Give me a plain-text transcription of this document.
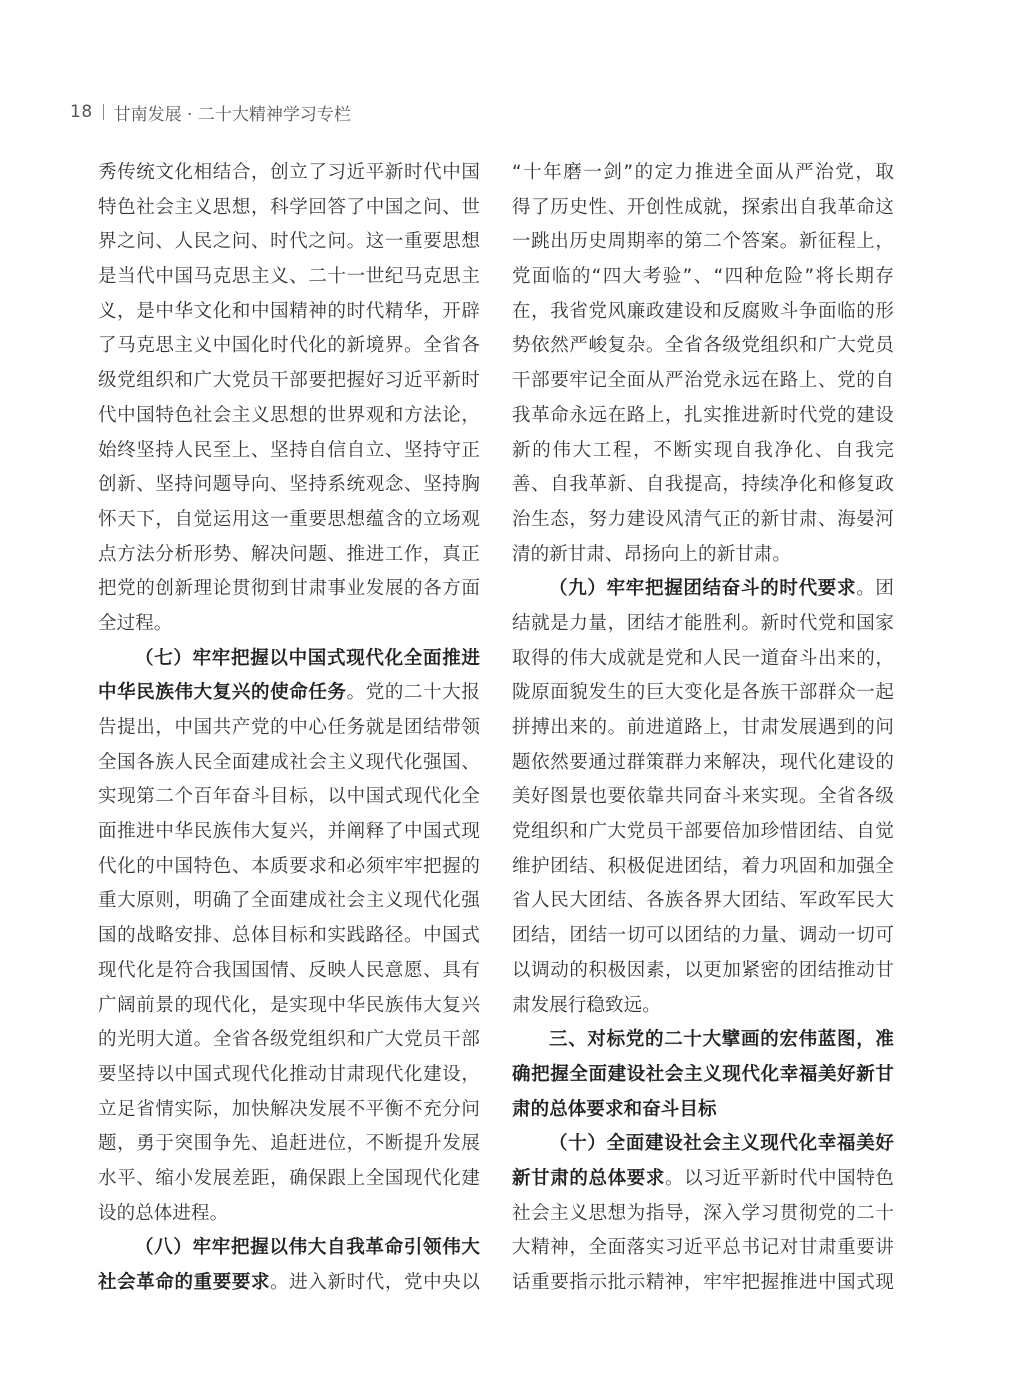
18 甘南发展 · 二十大精神学习专栏
秀传统文化相结合，创立了习近平新时代中国
特色社会主义思想，科学回答了中国之问、世
界之问、人民之问、时代之问。这一重要思想
是当代中国马克思主义、二十一世纪马克思主
义，是中华文化和中国精神的时代精华，开辟
了马克思主义中国化时代化的新境界。全省各
级党组织和广大党员干部要把握好习近平新时
代中国特色社会主义思想的世界观和方法论，
始终坚持人民至上、坚持自信自立、坚持守正
创新、坚持问题导向、坚持系统观念、坚持胸
怀天下，自觉运用这一重要思想蕴含的立场观
点方法分析形势、解决问题、推进工作，真正
把党的创新理论贯彻到甘肃事业发展的各方面
全过程。
（七）牢牢把握以中国式现代化全面推进
中华民族伟大复兴的使命任务。党的二十大报
告提出，中国共产党的中心任务就是团结带领
全国各族人民全面建成社会主义现代化强国、
实现第二个百年奋斗目标，以中国式现代化全
面推进中华民族伟大复兴，并阐释了中国式现
代化的中国特色、本质要求和必须牢牢把握的
重大原则，明确了全面建成社会主义现代化强
国的战略安排、总体目标和实践路径。中国式
现代化是符合我国国情、反映人民意愿、具有
广阔前景的现代化，是实现中华民族伟大复兴
的光明大道。全省各级党组织和广大党员干部
要坚持以中国式现代化推动甘肃现代化建设，
立足省情实际，加快解决发展不平衡不充分问
题，勇于突围争先、追赶进位，不断提升发展
水平、缩小发展差距，确保跟上全国现代化建
设的总体进程。
（八）牢牢把握以伟大自我革命引领伟大
社会革命的重要要求。进入新时代，党中央以
“十年磨一剑”的定力推进全面从严治党，取
得了历史性、开创性成就，探索出自我革命这
一跳出历史周期率的第二个答案。新征程上，
党面临的“四大考验”、“四种危险”将长期存
在，我省党风廉政建设和反腐败斗争面临的形
势依然严峻复杂。全省各级党组织和广大党员
干部要牢记全面从严治党永远在路上、党的自
我革命永远在路上，扎实推进新时代党的建设
新的伟大工程，不断实现自我净化、自我完
善、自我革新、自我提高，持续净化和修复政
治生态，努力建设风清气正的新甘肃、海晏河
清的新甘肃、昂扬向上的新甘肃。
（九）牢牢把握团结奋斗的时代要求。团
结就是力量，团结才能胜利。新时代党和国家
取得的伟大成就是党和人民一道奋斗出来的，
陇原面貌发生的巨大变化是各族干部群众一起
拼搏出来的。前进道路上，甘肃发展遇到的问
题依然要通过群策群力来解决，现代化建设的
美好图景也要依靠共同奋斗来实现。全省各级
党组织和广大党员干部要倍加珍惜团结、自觉
维护团结、积极促进团结，着力巩固和加强全
省人民大团结、各族各界大团结、军政军民大
团结，团结一切可以团结的力量、调动一切可
以调动的积极因素，以更加紧密的团结推动甘
肃发展行稳致远。
三、对标党的二十大擘画的宏伟蓝图，准
确把握全面建设社会主义现代化幸福美好新甘
肃的总体要求和奋斗目标
（十）全面建设社会主义现代化幸福美好
新甘肃的总体要求。以习近平新时代中国特色
社会主义思想为指导，深入学习贯彻党的二十
大精神，全面落实习近平总书记对甘肃重要讲
话重要指示批示精神，牢牢把握推进中国式现
